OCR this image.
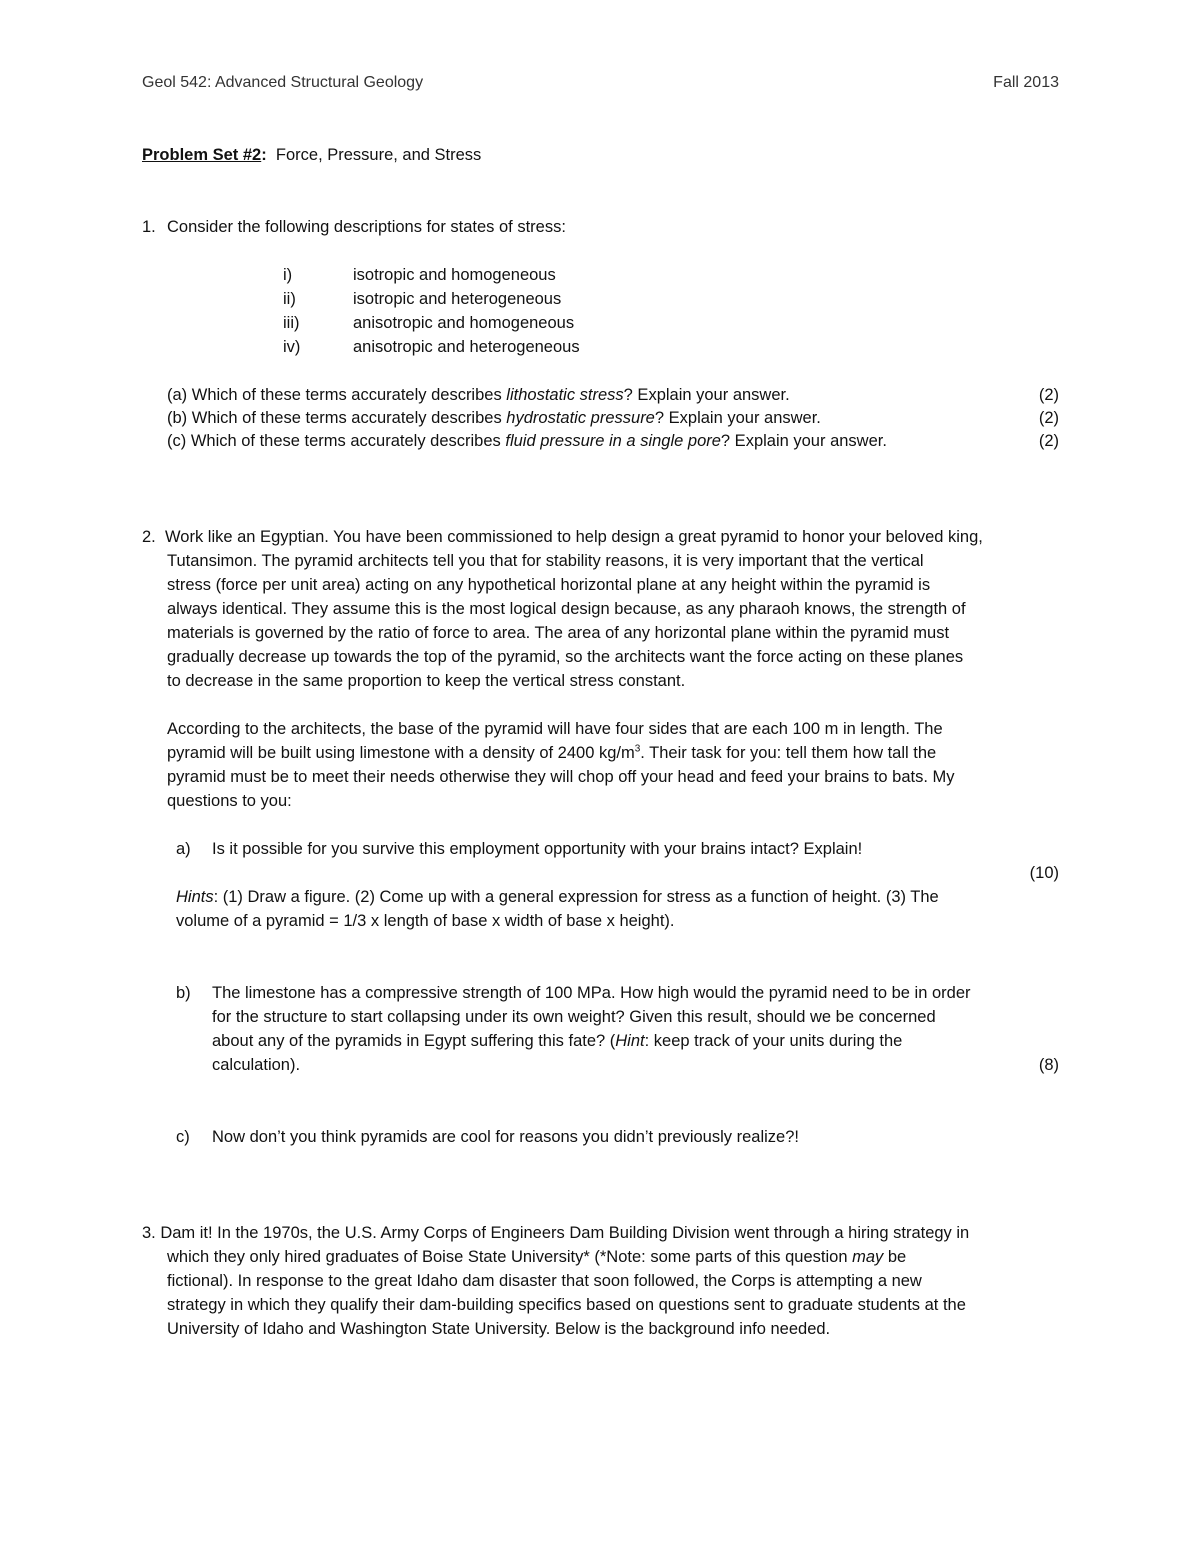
Geol 542: Advanced Structural Geology	Fall 2013
Problem Set #2: Force, Pressure, and Stress
1. Consider the following descriptions for states of stress:
i)	isotropic and homogeneous
ii)	isotropic and heterogeneous
iii)	anisotropic and homogeneous
iv)	anisotropic and heterogeneous
(a) Which of these terms accurately describes lithostatic stress? Explain your answer.	(2)
(b) Which of these terms accurately describes hydrostatic pressure? Explain your answer.	(2)
(c) Which of these terms accurately describes fluid pressure in a single pore? Explain your answer.	(2)
2. Work like an Egyptian. You have been commissioned to help design a great pyramid to honor your beloved king,
Tutansimon. The pyramid architects tell you that for stability reasons, it is very important that the vertical
stress (force per unit area) acting on any hypothetical horizontal plane at any height within the pyramid is
always identical. They assume this is the most logical design because, as any pharaoh knows, the strength of
materials is governed by the ratio of force to area. The area of any horizontal plane within the pyramid must
gradually decrease up towards the top of the pyramid, so the architects want the force acting on these planes
to decrease in the same proportion to keep the vertical stress constant.
According to the architects, the base of the pyramid will have four sides that are each 100 m in length. The
pyramid will be built using limestone with a density of 2400 $kg/m^3$. Their task for you: tell them how tall the
pyramid must be to meet their needs otherwise they will chop off your head and feed your brains to bats. My
questions to you:
a) Is it possible for you survive this employment opportunity with your brains intact? Explain!
(10)
Hints: (1) Draw a figure. (2) Come up with a general expression for stress as a function of height. (3) The
volume of a pyramid = 1/3 x length of base x width of base x height).
b) The limestone has a compressive strength of 100 MPa. How high would the pyramid need to be in order
for the structure to start collapsing under its own weight? Given this result, should we be concerned
about any of the pyramids in Egypt suffering this fate? (Hint: keep track of your units during the
calculation).	(8)
c) Now don’t you think pyramids are cool for reasons you didn’t previously realize?!
3. Dam it! In the 1970s, the U.S. Army Corps of Engineers Dam Building Division went through a hiring strategy in
which they only hired graduates of Boise State University* (*Note: some parts of this question may be
fictional). In response to the great Idaho dam disaster that soon followed, the Corps is attempting a new
strategy in which they qualify their dam-building specifics based on questions sent to graduate students at the
University of Idaho and Washington State University. Below is the background info needed.
